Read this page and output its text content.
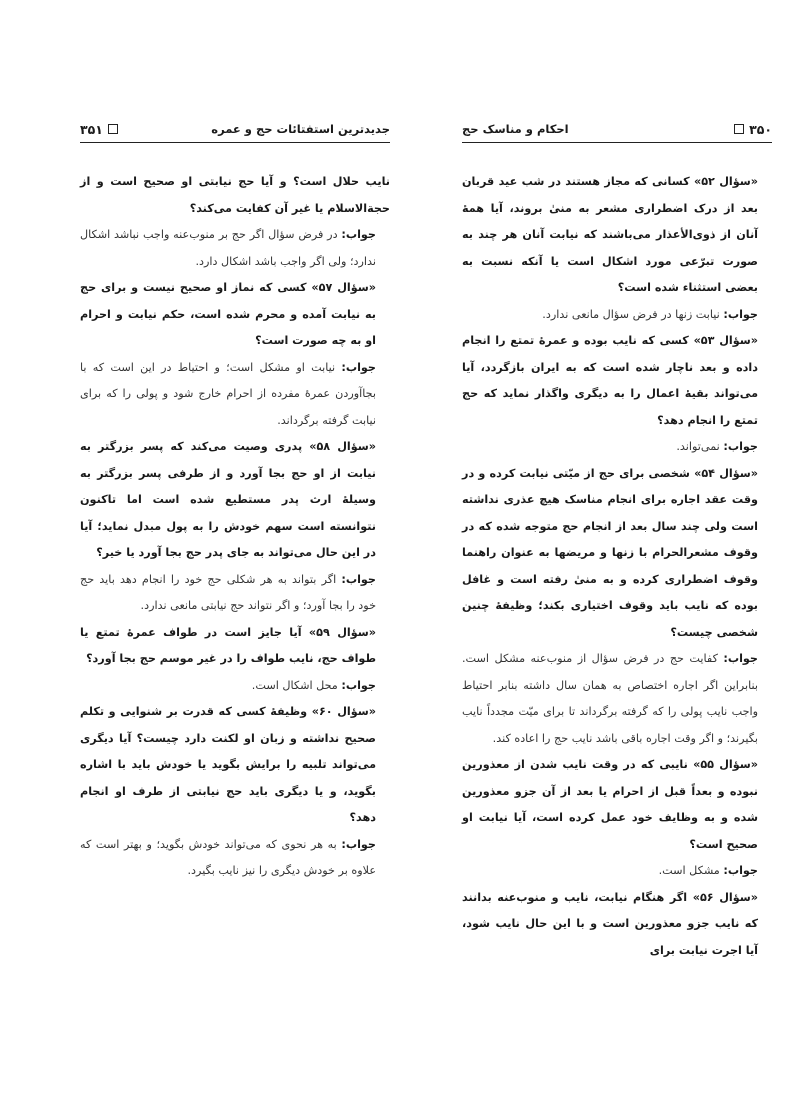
جدیدترین استفتائات حج و عمره
۳۵۱

نایب حلال است؟ و آیا حج نیابتی او صحیح است و از حجةالاسلام یا غیر آن کفایت می‌کند؟

جواب: در فرض سؤال اگر حج بر منوب‌عنه واجب نباشد اشکال ندارد؛ ولی اگر واجب باشد اشکال دارد.

«سؤال ۵۷» کسی که نماز او صحیح نیست و برای حج به نیابت آمده و محرم شده است، حکم نیابت و احرام او به چه صورت است؟

جواب: نیابت او مشکل است؛ و احتیاط در این است که با بجاآوردن عمرهٔ مفرده از احرام خارج شود و پولی را که برای نیابت گرفته برگرداند.

«سؤال ۵۸» پدری وصیت می‌کند که پسر بزرگتر به نیابت از او حج بجا آورد و از طرفی پسر بزرگتر به وسیلهٔ ارث پدر مستطیع شده است اما تاکنون نتوانسته است سهم خودش را به پول مبدل نماید؛ آیا در این حال می‌تواند به جای پدر حج بجا آورد یا خیر؟

جواب: اگر بتواند به هر شکلی حج خود را انجام دهد باید حج خود را بجا آورد؛ و اگر نتواند حج نیابتی مانعی ندارد.

«سؤال ۵۹» آیا جایز است در طواف عمرهٔ تمتع یا طواف حج، نایب طواف را در غیر موسم حج بجا آورد؟

جواب: محل اشکال است.

«سؤال ۶۰» وظیفهٔ کسی که قدرت بر شنوایی و تکلم صحیح نداشته و زبان او لکنت دارد چیست؟ آیا دیگری می‌تواند تلبیه را برایش بگوید یا خودش باید با اشاره بگوید، و یا دیگری باید حج نیابتی از طرف او انجام دهد؟

جواب: به هر نحوی که می‌تواند خودش بگوید؛ و بهتر است که علاوه بر خودش دیگری را نیز نایب بگیرد.

۳۵۰
احکام و مناسک حج

«سؤال ۵۲» کسانی که مجاز هستند در شب عید قربان بعد از درک اضطراری مشعر به منیٰ بروند، آیا همهٔ آنان از ذوی‌الأعذار می‌باشند که نیابت آنان هر چند به صورت تبرّعی مورد اشکال است یا آنکه نسبت به بعضی استثناء شده است؟

جواب: نیابت زنها در فرض سؤال مانعی ندارد.

«سؤال ۵۳» کسی که نایب بوده و عمرهٔ تمتع را انجام داده و بعد ناچار شده است که به ایران بازگردد، آیا می‌تواند بقیهٔ اعمال را به دیگری واگذار نماید که حج تمتع را انجام دهد؟

جواب: نمی‌تواند.

«سؤال ۵۴» شخصی برای حج از میّتی نیابت کرده و در وقت عقد اجاره برای انجام مناسک هیچ عذری نداشته است ولی چند سال بعد از انجام حج متوجه شده که در وقوف مشعرالحرام با زنها و مریضها به عنوان راهنما وقوف اضطراری کرده و به منیٰ رفته است و غافل بوده که نایب باید وقوف اختیاری بکند؛ وظیفهٔ چنین شخصی چیست؟

جواب: کفایت حج در فرض سؤال از منوب‌عنه مشکل است. بنابراین اگر اجاره اختصاص به همان سال داشته بنابر احتیاط واجب نایب پولی را که گرفته برگرداند تا برای میّت مجدداً نایب بگیرند؛ و اگر وقت اجاره باقی باشد نایب حج را اعاده کند.

«سؤال ۵۵» نایبی که در وقت نایب شدن از معذورین نبوده و بعداً قبل از احرام یا بعد از آن جزو معذورین شده و به وظایف خود عمل کرده است، آیا نیابت او صحیح است؟

جواب: مشکل است.

«سؤال ۵۶» اگر هنگام نیابت، نایب و منوب‌عنه بدانند که نایب جزو معذورین است و با این حال نایب شود، آیا اجرت نیابت برای
